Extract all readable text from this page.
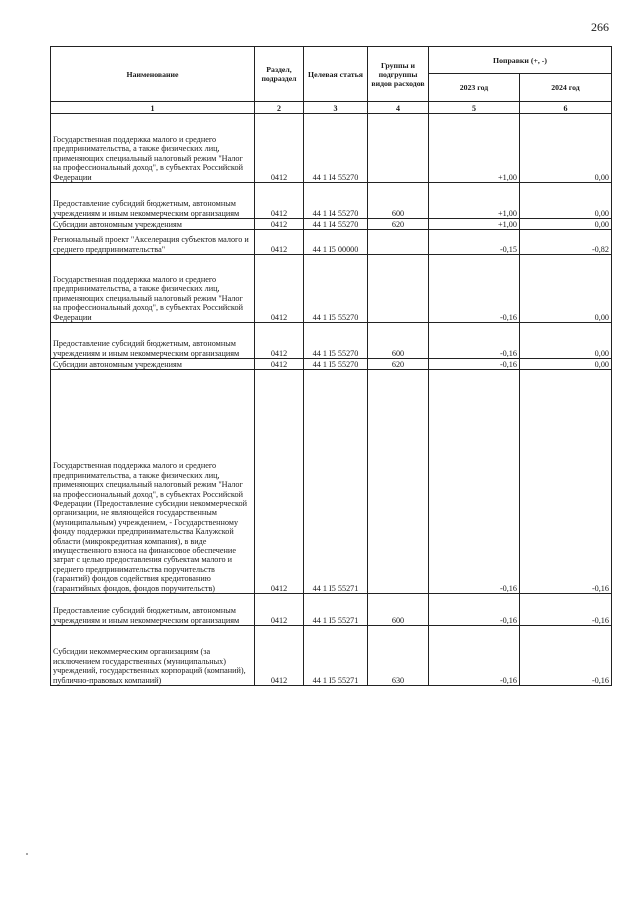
266
Наименование	Раздел, подраздел	Целевая статья	Группы и подгруппы видов расходов	Поправки (+, -)	
				2023 год	2024 год
1	2	3	4	5	6
Государственная поддержка малого и среднего предпринимательства, а также физических лиц, применяющих специальный налоговый режим "Налог на профессиональный доход", в субъектах Российской Федерации	0412	44 1 I4 55270		+1,00	0,00
Предоставление субсидий бюджетным, автономным учреждениям и иным некоммерческим организациям	0412	44 1 I4 55270	600	+1,00	0,00
Субсидии автономным учреждениям	0412	44 1 I4 55270	620	+1,00	0,00
Региональный проект "Акселерация субъектов малого и среднего предпринимательства"	0412	44 1 I5 00000		-0,15	-0,82
Государственная поддержка малого и среднего предпринимательства, а также физических лиц, применяющих специальный налоговый режим "Налог на профессиональный доход", в субъектах Российской Федерации	0412	44 1 I5 55270		-0,16	0,00
Предоставление субсидий бюджетным, автономным учреждениям и иным некоммерческим организациям	0412	44 1 I5 55270	600	-0,16	0,00
Субсидии автономным учреждениям	0412	44 1 I5 55270	620	-0,16	0,00
Государственная поддержка малого и среднего предпринимательства, а также физических лиц, применяющих специальный налоговый режим "Налог на профессиональный доход", в субъектах Российской Федерации (Предоставление субсидии некоммерческой организации, не являющейся государственным (муниципальным) учреждением, - Государственному фонду поддержки предпринимательства Калужской области (микрокредитная компания), в виде имущественного взноса на финансовое обеспечение затрат с целью предоставления субъектам малого и среднего предпринимательства поручительств (гарантий) фондов содействия кредитованию (гарантийных фондов, фондов поручительств)	0412	44 1 I5 55271		-0,16	-0,16
Предоставление субсидий бюджетным, автономным учреждениям и иным некоммерческим организациям	0412	44 1 I5 55271	600	-0,16	-0,16
Субсидии некоммерческим организациям (за исключением государственных (муниципальных) учреждений, государственных корпораций (компаний), публично-правовых компаний)	0412	44 1 I5 55271	630	-0,16	-0,16
